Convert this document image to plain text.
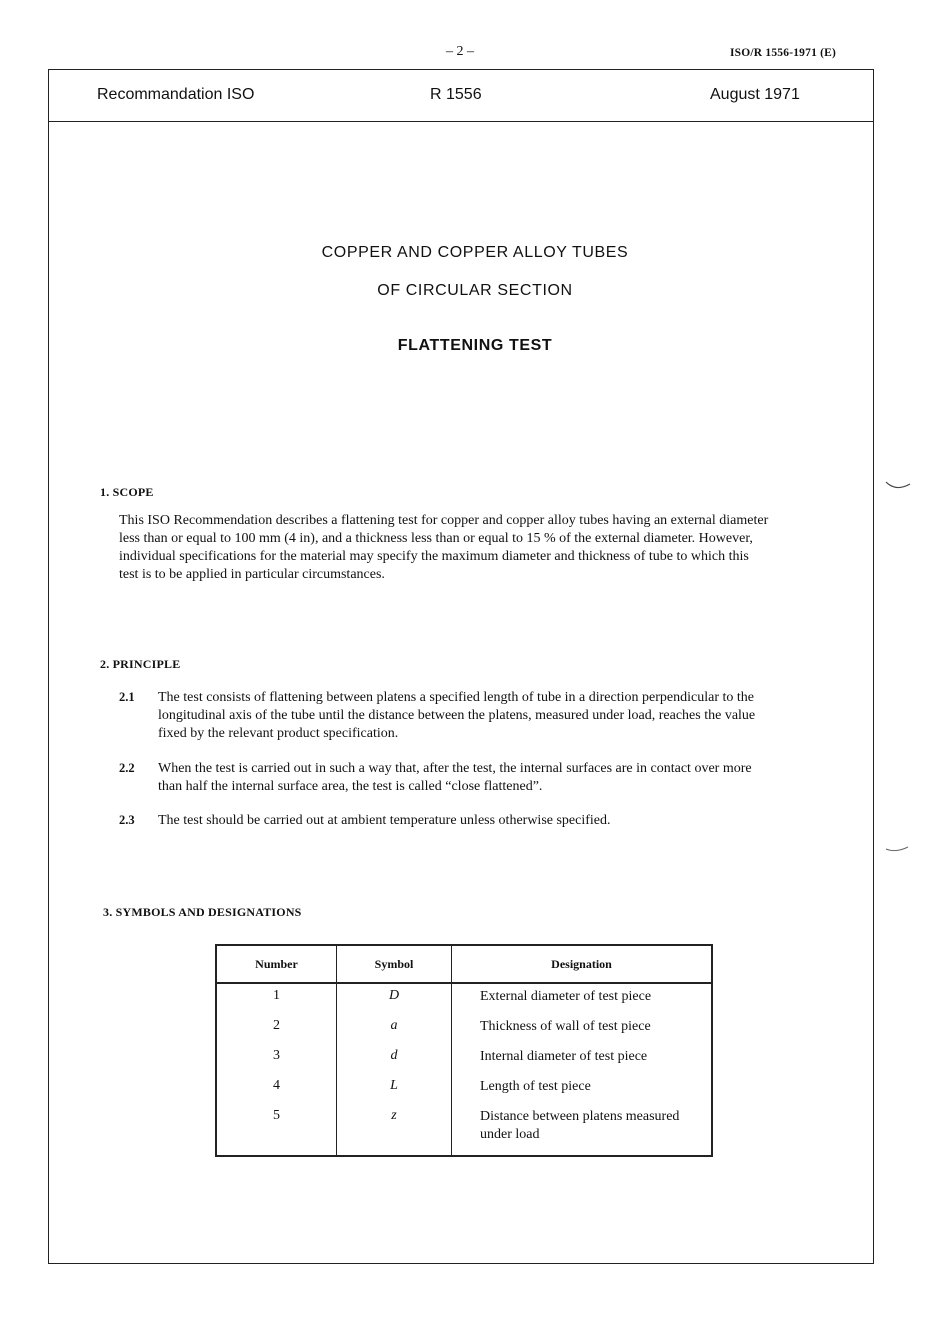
– 2 –	ISO/R 1556-1971 (E)
Recommandation ISO	R 1556	August 1971
COPPER AND COPPER ALLOY TUBES
OF CIRCULAR SECTION
FLATTENING TEST
1. SCOPE
This ISO Recommendation describes a flattening test for copper and copper alloy tubes having an external diameter
less than or equal to 100 mm (4 in), and a thickness less than or equal to 15 % of the external diameter. However,
individual specifications for the material may specify the maximum diameter and thickness of tube to which this
test is to be applied in particular circumstances.
2. PRINCIPLE
2.1 The test consists of flattening between platens a specified length of tube in a direction perpendicular to the
longitudinal axis of the tube until the distance between the platens, measured under load, reaches the value
fixed by the relevant product specification.
2.2 When the test is carried out in such a way that, after the test, the internal surfaces are in contact over more
than half the internal surface area, the test is called “close flattened”.
2.3 The test should be carried out at ambient temperature unless otherwise specified.
3. SYMBOLS AND DESIGNATIONS
Number	Symbol	Designation
1	D	External diameter of test piece
2	a	Thickness of wall of test piece
3	d	Internal diameter of test piece
4	L	Length of test piece
5	z	Distance between platens measured under load
